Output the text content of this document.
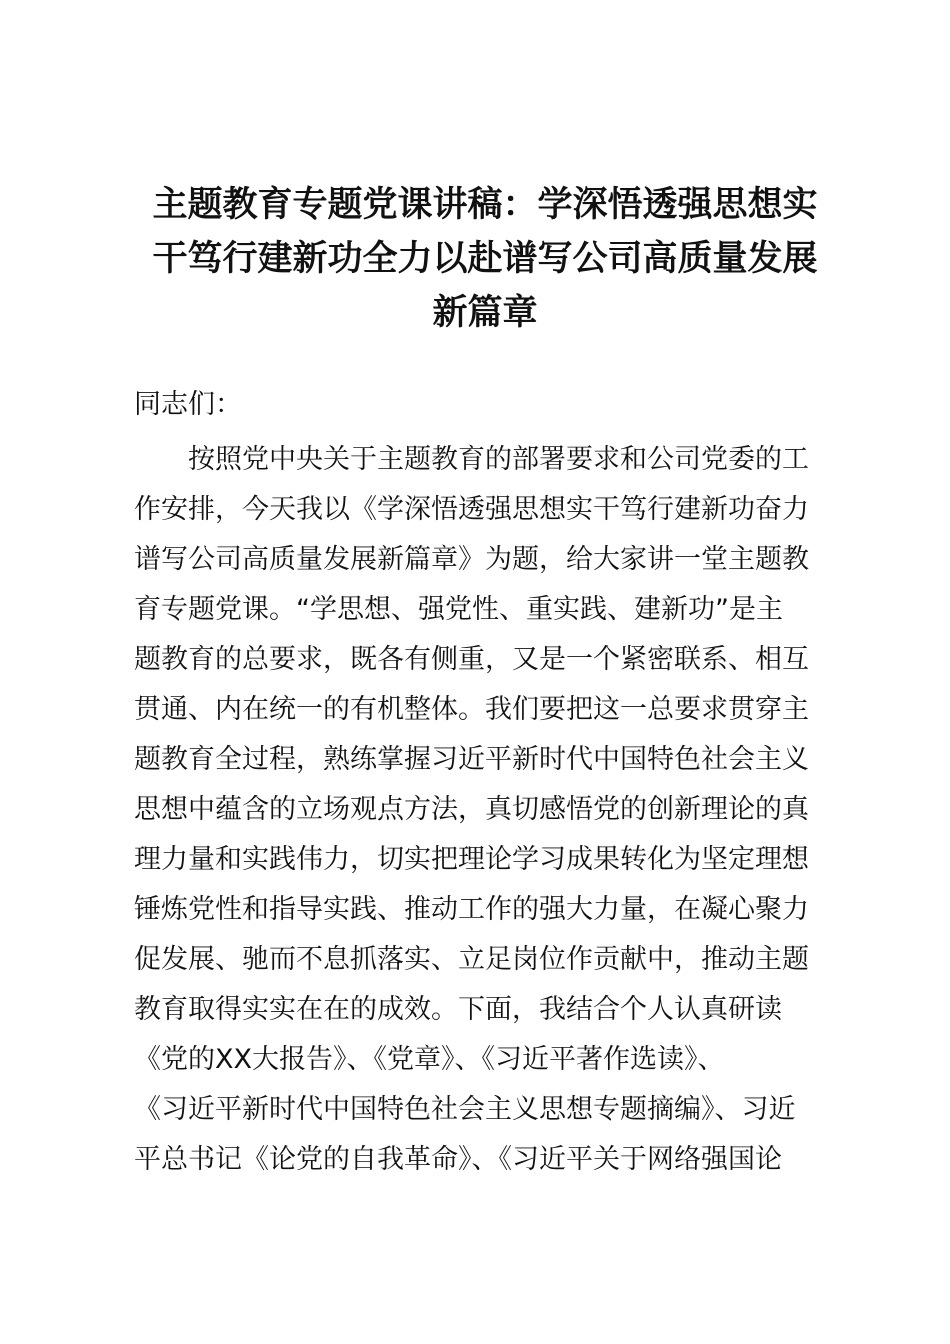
主题教育专题党课讲稿：学深悟透强思想实
干笃行建新功全力以赴谱写公司高质量发展
新篇章

同志们：

按照党中央关于主题教育的部署要求和公司党委的工
作安排，今天我以《学深悟透强思想实干笃行建新功奋力
谱写公司高质量发展新篇章》为题，给大家讲一堂主题教
育专题党课。“学思想、强党性、重实践、建新功”是主
题教育的总要求，既各有侧重，又是一个紧密联系、相互
贯通、内在统一的有机整体。我们要把这一总要求贯穿主
题教育全过程，熟练掌握习近平新时代中国特色社会主义
思想中蕴含的立场观点方法，真切感悟党的创新理论的真
理力量和实践伟力，切实把理论学习成果转化为坚定理想
锤炼党性和指导实践、推动工作的强大力量，在凝心聚力
促发展、驰而不息抓落实、立足岗位作贡献中，推动主题
教育取得实实在在的成效。下面，我结合个人认真研读
《党的XX大报告》、《党章》、《习近平著作选读》、
《习近平新时代中国特色社会主义思想专题摘编》、习近
平总书记《论党的自我革命》、《习近平关于网络强国论
